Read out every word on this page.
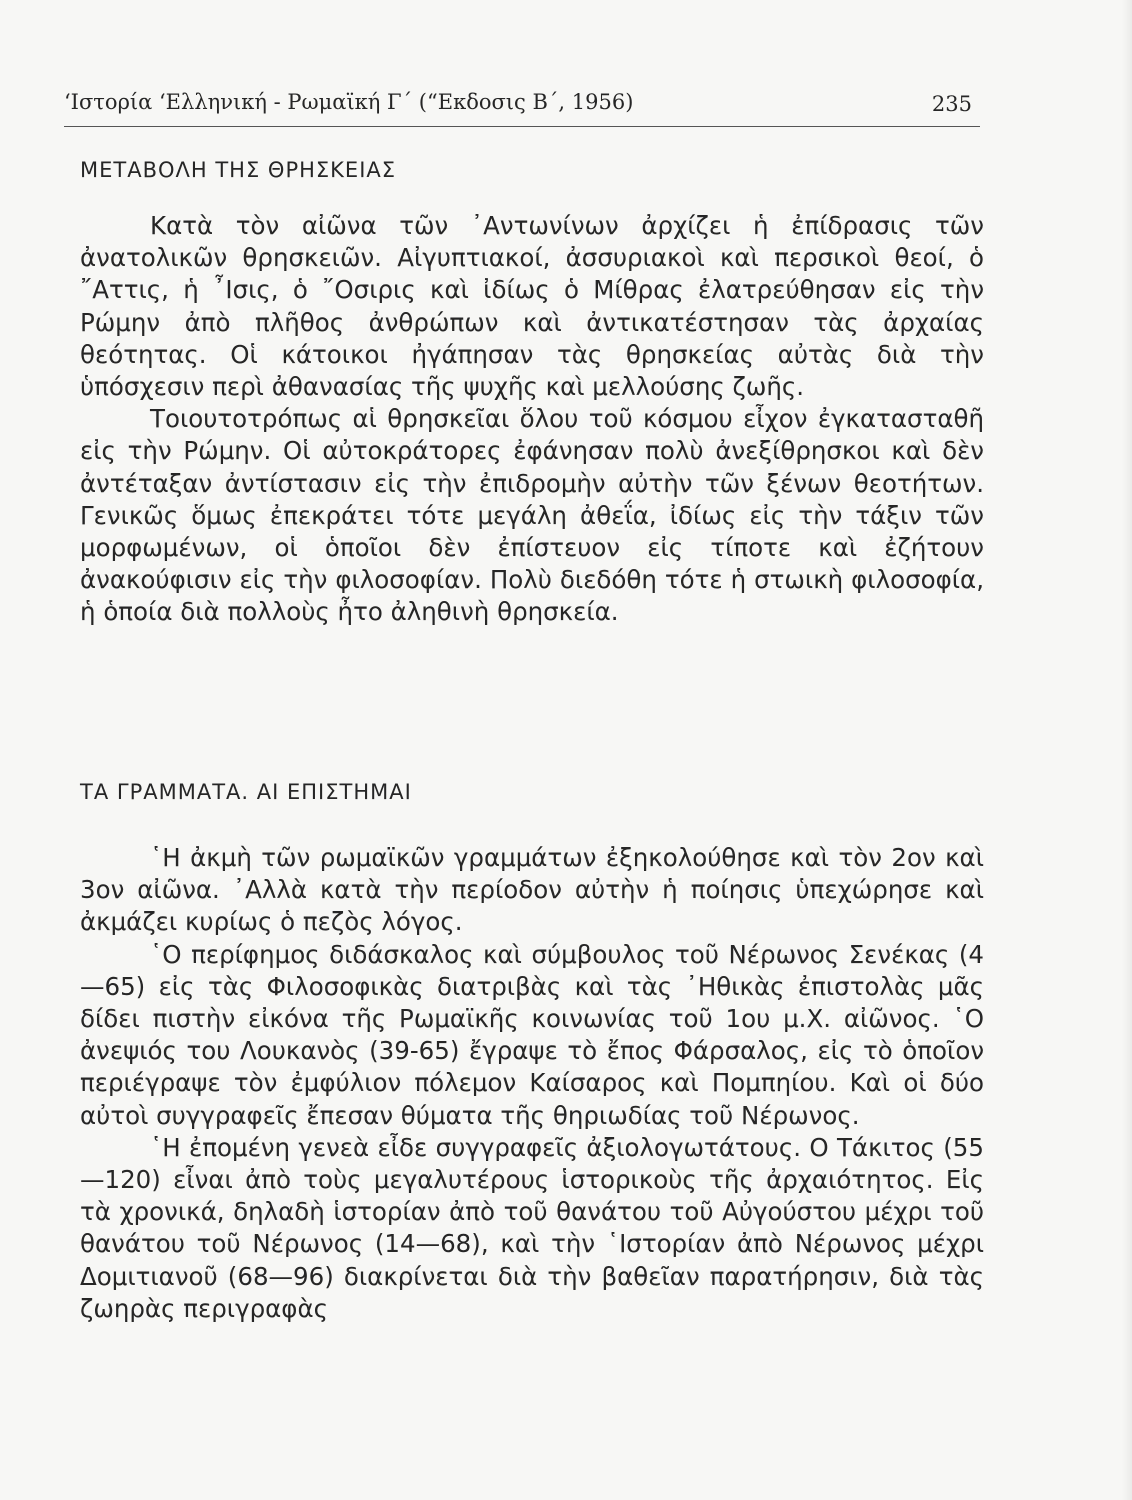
‘Ιστορία ‘Ελληνική - Ρωμαϊκή Γ΄ (“Εκδοσις Β΄, 1956)	235
ΜΕΤΑΒΟΛΗ ΤΗΣ ΘΡΗΣΚΕΙΑΣ

Κατὰ τὸν αἰῶνα τῶν ᾿Αντωνίνων ἀρχίζει ἡ ἐπίδρασις τῶν ἀνατολικῶν θρησκειῶν. Αἰγυπτιακοί, ἀσσυριακοὶ καὶ περσικοὶ θεοί, ὁ ῎Αττις, ἡ ῏Ισις, ὁ ῎Οσιρις καὶ ἰδίως ὁ Μίθρας ἐλατρεύθησαν εἰς τὴν Ρώμην ἀπὸ πλῆθος ἀνθρώπων καὶ ἀντικατέστησαν τὰς ἀρχαίας θεότητας. Οἱ κάτοικοι ἠγάπησαν τὰς θρησκείας αὐτὰς διὰ τὴν ὑπόσχεσιν περὶ ἀθανασίας τῆς ψυχῆς καὶ μελλούσης ζωῆς.

Τοιουτοτρόπως αἱ θρησκεῖαι ὅλου τοῦ κόσμου εἶχον ἐγκατασταθῆ εἰς τὴν Ρώμην. Οἱ αὐτοκράτορες ἐφάνησαν πολὺ ἀνεξίθρησκοι καὶ δὲν ἀντέταξαν ἀντίστασιν εἰς τὴν ἐπιδρομὴν αὐτὴν τῶν ξένων θεοτήτων. Γενικῶς ὅμως ἐπεκράτει τότε μεγάλη ἀθεΐα, ἰδίως εἰς τὴν τάξιν τῶν μορφωμένων, οἱ ὁποῖοι δὲν ἐπίστευον εἰς τίποτε καὶ ἐζήτουν ἀνακούφισιν εἰς τὴν φιλοσοφίαν. Πολὺ διεδόθη τότε ἡ στωικὴ φιλοσοφία, ἡ ὁποία διὰ πολλοὺς ἦτο ἀληθινὴ θρησκεία.

ΤΑ ΓΡΑΜΜΑΤΑ. ΑΙ ΕΠΙΣΤΗΜΑΙ

῾Η ἀκμὴ τῶν ρωμαϊκῶν γραμμάτων ἐξηκολούθησε καὶ τὸν 2ον καὶ 3ον αἰῶνα. ᾿Αλλὰ κατὰ τὴν περίοδον αὐτὴν ἡ ποίησις ὑπεχώρησε καὶ ἀκμάζει κυρίως ὁ πεζὸς λόγος.

῾Ο περίφημος διδάσκαλος καὶ σύμβουλος τοῦ Νέρωνος Σενέκας (4—65) εἰς τὰς Φιλοσοφικὰς διατριβὰς καὶ τὰς ᾿Ηθικὰς ἐπιστολὰς μᾶς δίδει πιστὴν εἰκόνα τῆς Ρωμαϊκῆς κοινωνίας τοῦ 1ου μ.Χ. αἰῶνος. ῾Ο ἀνεψιός του Λουκανὸς (39-65) ἔγραψε τὸ ἔπος Φάρσαλος, εἰς τὸ ὁποῖον περιέγραψε τὸν ἐμφύλιον πόλεμον Καίσαρος καὶ Πομπηίου. Καὶ οἱ δύο αὐτοὶ συγγραφεῖς ἔπεσαν θύματα τῆς θηριωδίας τοῦ Νέρωνος.

῾Η ἐπομένη γενεὰ εἶδε συγγραφεῖς ἀξιολογωτάτους. Ο Τάκιτος (55—120) εἶναι ἀπὸ τοὺς μεγαλυτέρους ἱστορικοὺς τῆς ἀρχαιότητος. Εἰς τὰ χρονικά, δηλαδὴ ἱστορίαν ἀπὸ τοῦ θανάτου τοῦ Αὐγούστου μέχρι τοῦ θανάτου τοῦ Νέρωνος (14—68), καὶ τὴν ῾Ιστορίαν ἀπὸ Νέρωνος μέχρι Δομιτιανοῦ (68—96) διακρίνεται διὰ τὴν βαθεῖαν παρατήρησιν, διὰ τὰς ζωηρὰς περιγραφὰς
